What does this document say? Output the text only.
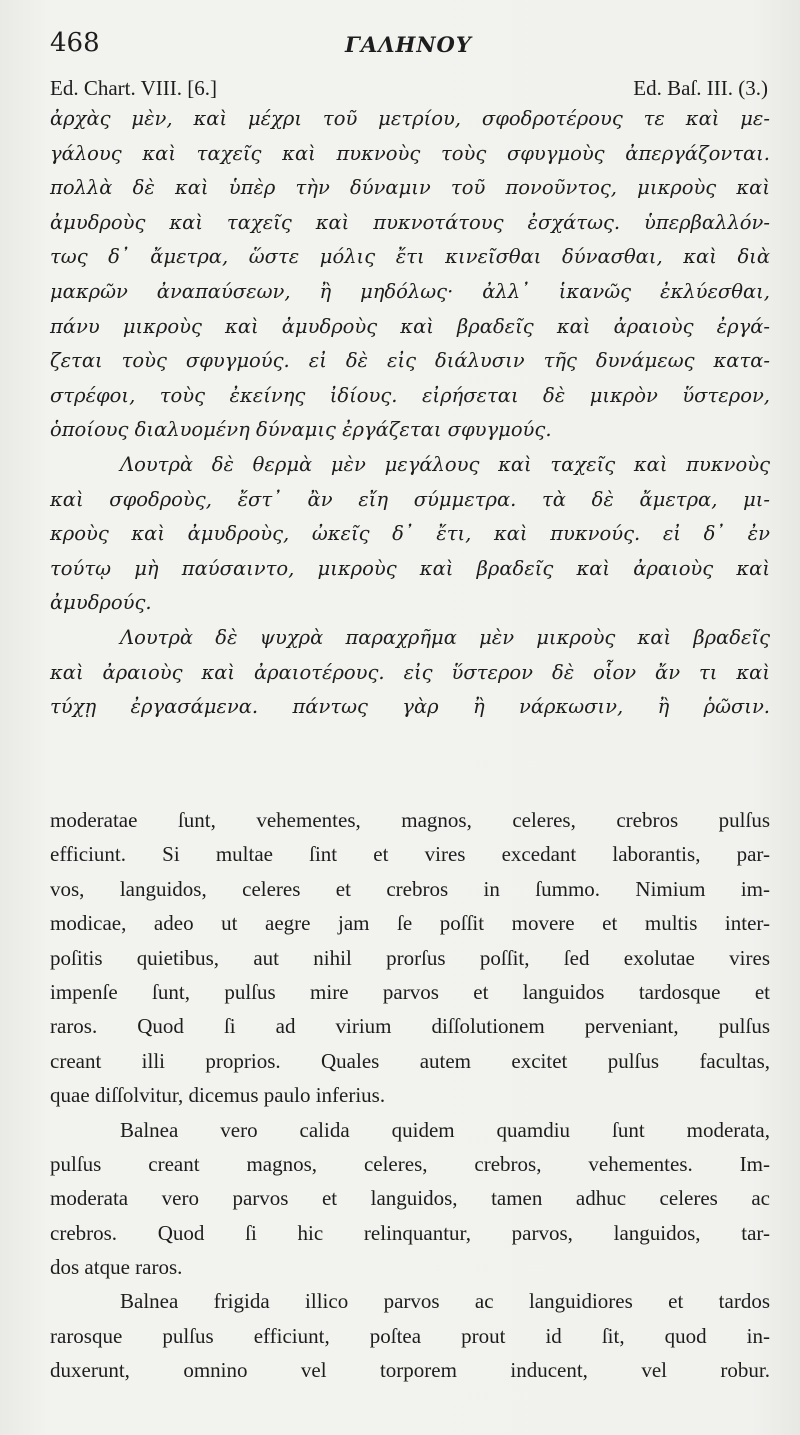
468	ΓΑΛΗΝΟΥ
Ed. Chart. VIII. [6.]	Ed. Baſ. III. (3.)
ἀρχὰς μὲν, καὶ μέχρι τοῦ μετρίου, σφοδροτέρους τε καὶ με-
γάλους καὶ ταχεῖς καὶ πυκνοὺς τοὺς σφυγμοὺς ἀπεργάζονται.
πολλὰ δὲ καὶ ὑπὲρ τὴν δύναμιν τοῦ πονοῦντος, μικροὺς καὶ
ἀμυδροὺς καὶ ταχεῖς καὶ πυκνοτάτους ἐσχάτως. ὑπερβαλλόν-
τως δ᾿ ἄμετρα, ὥστε μόλις ἔτι κινεῖσθαι δύνασθαι, καὶ διὰ
μακρῶν ἀναπαύσεων, ἢ μηδόλως· ἀλλ᾿ ἱκανῶς ἐκλύεσθαι,
πάνυ μικροὺς καὶ ἀμυδροὺς καὶ βραδεῖς καὶ ἀραιοὺς ἐργά-
ζεται τοὺς σφυγμούς. εἰ δὲ εἰς διάλυσιν τῆς δυνάμεως κατα-
στρέφοι, τοὺς ἐκείνης ἰδίους. εἰρήσεται δὲ μικρὸν ὕστερον,
ὁποίους διαλυομένη δύναμις ἐργάζεται σφυγμούς.
Λουτρὰ δὲ θερμὰ μὲν μεγάλους καὶ ταχεῖς καὶ πυκνοὺς
καὶ σφοδροὺς, ἔστ᾿ ἂν εἴη σύμμετρα. τὰ δὲ ἄμετρα, μι-
κροὺς καὶ ἀμυδροὺς, ὠκεῖς δ᾿ ἔτι, καὶ πυκνούς. εἰ δ᾿ ἐν
τούτῳ μὴ παύσαιντο, μικροὺς καὶ βραδεῖς καὶ ἀραιοὺς καὶ
ἀμυδρούς.
Λουτρὰ δὲ ψυχρὰ παραχρῆμα μὲν μικροὺς καὶ βραδεῖς
καὶ ἀραιοὺς καὶ ἀραιοτέρους. εἰς ὕστερον δὲ οἷον ἄν τι καὶ
τύχῃ ἐργασάμενα. πάντως γὰρ ἢ νάρκωσιν, ἢ ῥῶσιν.
moderatae ſunt, vehementes, magnos, celeres, crebros pulſus
efficiunt. Si multae ſint et vires excedant laborantis, par-
vos, languidos, celeres et crebros in ſummo. Nimium im-
modicae, adeo ut aegre jam ſe poſſit movere et multis inter-
poſitis quietibus, aut nihil prorſus poſſit, ſed exolutae vires
impenſe ſunt, pulſus mire parvos et languidos tardosque et
raros. Quod ſi ad virium diſſolutionem perveniant, pulſus
creant illi proprios. Quales autem excitet pulſus facultas,
quae diſſolvitur, dicemus paulo inferius.
Balnea vero calida quidem quamdiu ſunt moderata,
pulſus creant magnos, celeres, crebros, vehementes. Im-
moderata vero parvos et languidos, tamen adhuc celeres ac
crebros. Quod ſi hic relinquantur, parvos, languidos, tar-
dos atque raros.
Balnea frigida illico parvos ac languidiores et tardos
rarosque pulſus efficiunt, poſtea prout id ſit, quod in-
duxerunt, omnino vel torporem inducent, vel robur.
